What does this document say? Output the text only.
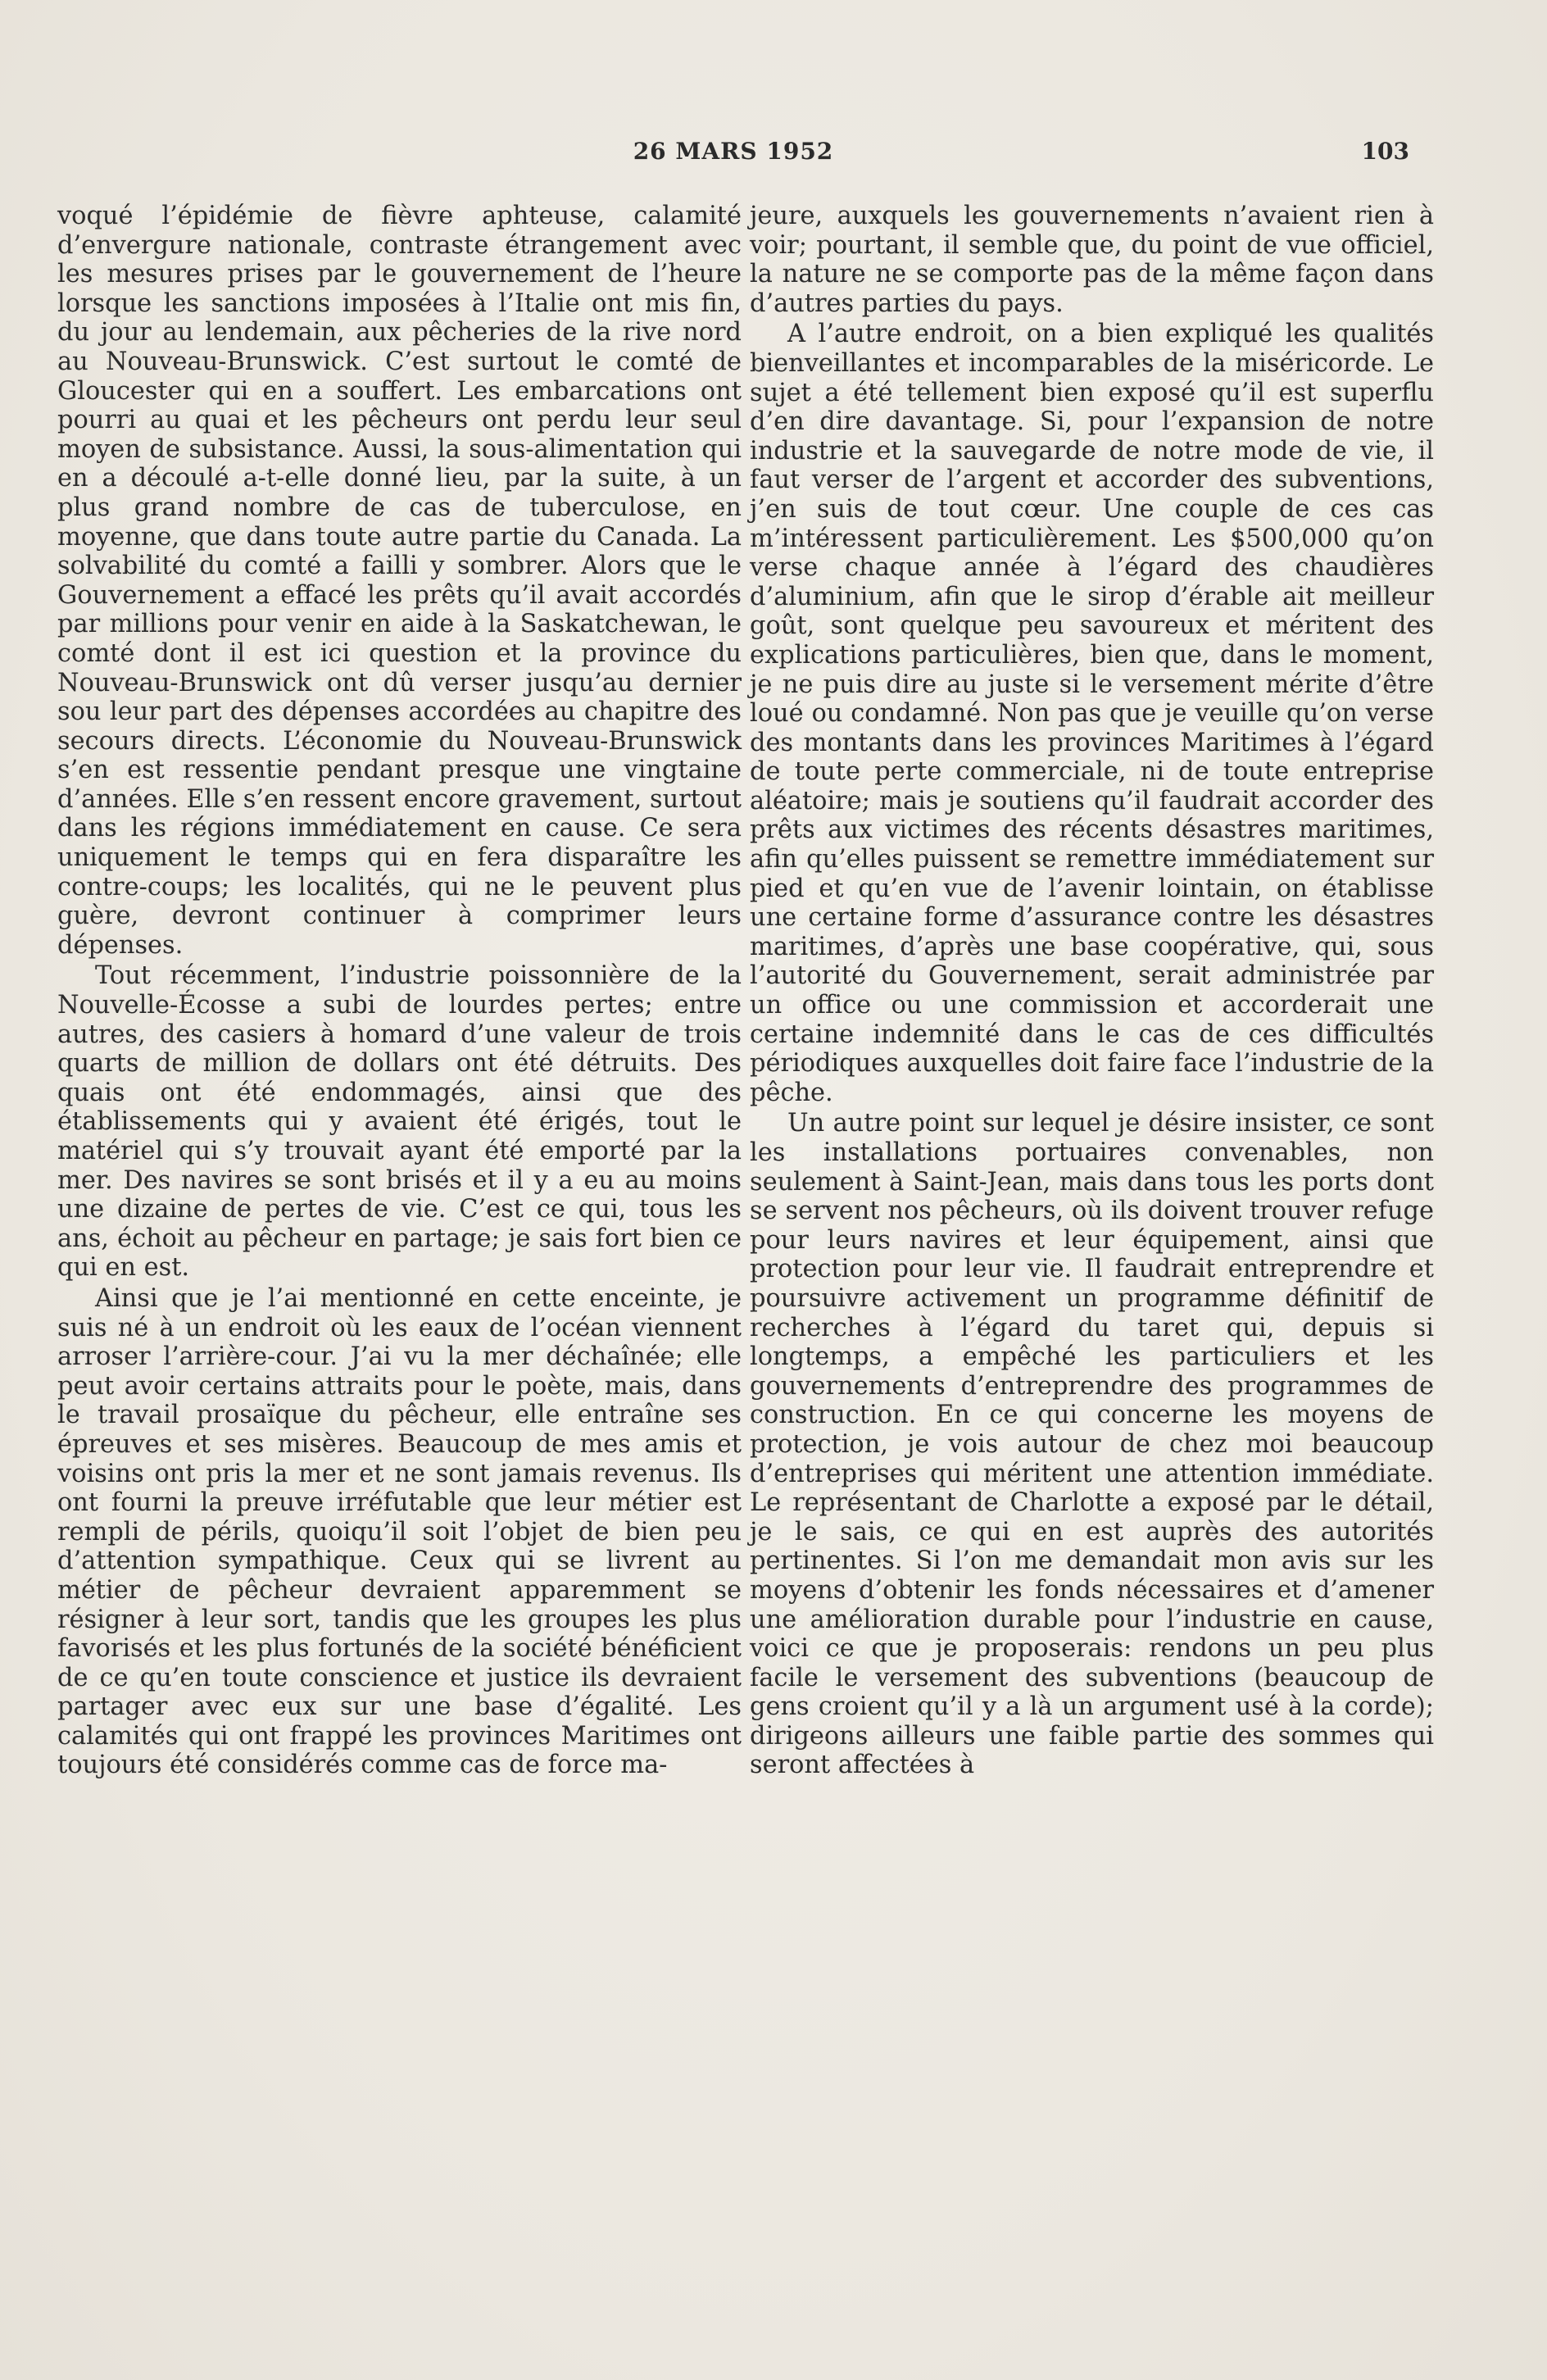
26 MARS 1952	103

voqué l’épidémie de fièvre aphteuse, calamité d’envergure nationale, contraste étrangement avec les mesures prises par le gouvernement de l’heure lorsque les sanctions imposées à l’Italie ont mis fin, du jour au lendemain, aux pêcheries de la rive nord au Nouveau-Brunswick. C’est surtout le comté de Gloucester qui en a souffert. Les embarcations ont pourri au quai et les pêcheurs ont perdu leur seul moyen de subsistance. Aussi, la sous-alimentation qui en a découlé a-t-elle donné lieu, par la suite, à un plus grand nombre de cas de tuberculose, en moyenne, que dans toute autre partie du Canada. La solvabilité du comté a failli y sombrer. Alors que le Gouvernement a effacé les prêts qu’il avait accordés par millions pour venir en aide à la Saskatchewan, le comté dont il est ici question et la province du Nouveau-Brunswick ont dû verser jusqu’au dernier sou leur part des dépenses accordées au chapitre des secours directs. L’économie du Nouveau-Brunswick s’en est ressentie pendant presque une vingtaine d’années. Elle s’en ressent encore gravement, surtout dans les régions immédiatement en cause. Ce sera uniquement le temps qui en fera disparaître les contre-coups; les localités, qui ne le peuvent plus guère, devront continuer à comprimer leurs dépenses.

Tout récemment, l’industrie poissonnière de la Nouvelle-Écosse a subi de lourdes pertes; entre autres, des casiers à homard d’une valeur de trois quarts de million de dollars ont été détruits. Des quais ont été endommagés, ainsi que des établissements qui y avaient été érigés, tout le matériel qui s’y trouvait ayant été emporté par la mer. Des navires se sont brisés et il y a eu au moins une dizaine de pertes de vie. C’est ce qui, tous les ans, échoit au pêcheur en partage; je sais fort bien ce qui en est.

Ainsi que je l’ai mentionné en cette enceinte, je suis né à un endroit où les eaux de l’océan viennent arroser l’arrière-cour. J’ai vu la mer déchaînée; elle peut avoir certains attraits pour le poète, mais, dans le travail prosaïque du pêcheur, elle entraîne ses épreuves et ses misères. Beaucoup de mes amis et voisins ont pris la mer et ne sont jamais revenus. Ils ont fourni la preuve irréfutable que leur métier est rempli de périls, quoiqu’il soit l’objet de bien peu d’attention sympathique. Ceux qui se livrent au métier de pêcheur devraient apparemment se résigner à leur sort, tandis que les groupes les plus favorisés et les plus fortunés de la société bénéficient de ce qu’en toute conscience et justice ils devraient partager avec eux sur une base d’égalité. Les calamités qui ont frappé les provinces Maritimes ont toujours été considérés comme cas de force ma-

jeure, auxquels les gouvernements n’avaient rien à voir; pourtant, il semble que, du point de vue officiel, la nature ne se comporte pas de la même façon dans d’autres parties du pays.

A l’autre endroit, on a bien expliqué les qualités bienveillantes et incomparables de la miséricorde. Le sujet a été tellement bien exposé qu’il est superflu d’en dire davantage. Si, pour l’expansion de notre industrie et la sauvegarde de notre mode de vie, il faut verser de l’argent et accorder des subventions, j’en suis de tout cœur. Une couple de ces cas m’intéressent particulièrement. Les $500,000 qu’on verse chaque année à l’égard des chaudières d’aluminium, afin que le sirop d’érable ait meilleur goût, sont quelque peu savoureux et méritent des explications particulières, bien que, dans le moment, je ne puis dire au juste si le versement mérite d’être loué ou condamné. Non pas que je veuille qu’on verse des montants dans les provinces Maritimes à l’égard de toute perte commerciale, ni de toute entreprise aléatoire; mais je soutiens qu’il faudrait accorder des prêts aux victimes des récents désastres maritimes, afin qu’elles puissent se remettre immédiatement sur pied et qu’en vue de l’avenir lointain, on établisse une certaine forme d’assurance contre les désastres maritimes, d’après une base coopérative, qui, sous l’autorité du Gouvernement, serait administrée par un office ou une commission et accorderait une certaine indemnité dans le cas de ces difficultés périodiques auxquelles doit faire face l’industrie de la pêche.

Un autre point sur lequel je désire insister, ce sont les installations portuaires convenables, non seulement à Saint-Jean, mais dans tous les ports dont se servent nos pêcheurs, où ils doivent trouver refuge pour leurs navires et leur équipement, ainsi que protection pour leur vie. Il faudrait entreprendre et poursuivre activement un programme définitif de recherches à l’égard du taret qui, depuis si longtemps, a empêché les particuliers et les gouvernements d’entreprendre des programmes de construction. En ce qui concerne les moyens de protection, je vois autour de chez moi beaucoup d’entreprises qui méritent une attention immédiate. Le représentant de Charlotte a exposé par le détail, je le sais, ce qui en est auprès des autorités pertinentes. Si l’on me demandait mon avis sur les moyens d’obtenir les fonds nécessaires et d’amener une amélioration durable pour l’industrie en cause, voici ce que je proposerais: rendons un peu plus facile le versement des subventions (beaucoup de gens croient qu’il y a là un argument usé à la corde); dirigeons ailleurs une faible partie des sommes qui seront affectées à
